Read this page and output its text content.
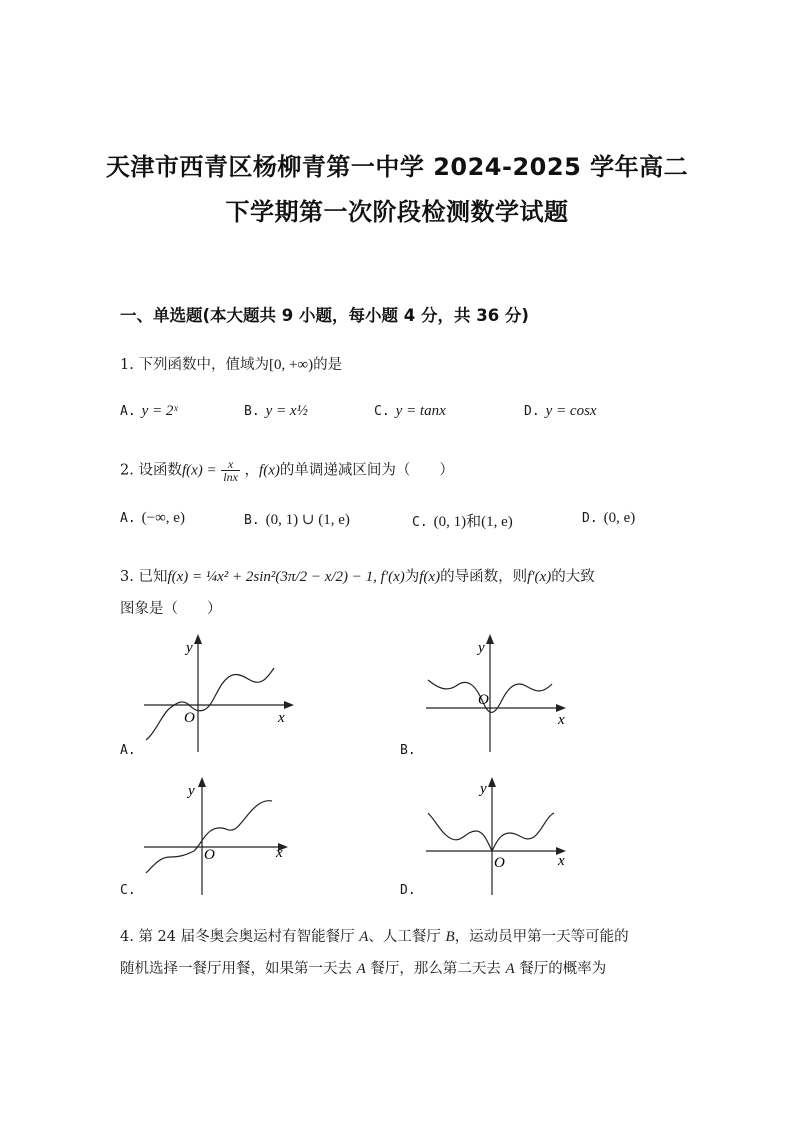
天津市西青区杨柳青第一中学 2024-2025 学年高二
下学期第一次阶段检测数学试题
一、单选题(本大题共 9 小题，每小题 4 分，共 36 分)
1. 下列函数中，值域为[0, +∞)的是
A. y = 2ˣ	B. y = x½	C. y = tanx	D. y = cosx
2. 设函数$f(x) = \frac{x}{\ln x}$ ，f(x)的单调递减区间为（　　）
A. (−∞, e)	B. (0, 1) ∪ (1, e)	C. (0, 1)和(1, e)	D. (0, e)
3. 已知f(x) = ¼x² + 2sin²(3π/2 − x/2) − 1, f′(x)为f(x)的导函数，则f′(x)的大致
图象是（　　）
y
O	x
A.
y
O
x
B.
y
O	x
C.
y
O	x
D.
4. 第 24 届冬奥会奥运村有智能餐厅 A、人工餐厅 B，运动员甲第一天等可能的
随机选择一餐厅用餐，如果第一天去 A 餐厅，那么第二天去 A 餐厅的概率为
